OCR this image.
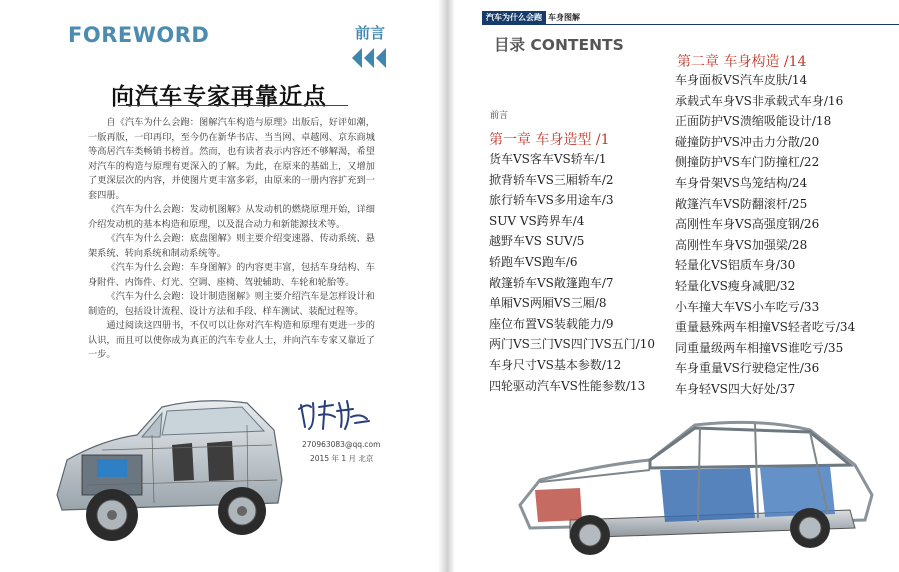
FOREWORD	前言
向汽车专家再靠近点

自《汽车为什么会跑：图解汽车构造与原理》出版后，好评如潮，一版再版，一印再印，至今仍在新华书店、当当网、卓越网、京东商城等高居汽车类畅销书榜首。然而，也有读者表示内容还不够解渴，希望对汽车的构造与原理有更深入的了解。为此，在原来的基础上，又增加了更深层次的内容，并使图片更丰富多彩，由原来的一册内容扩充到一套四册。

《汽车为什么会跑：发动机图解》从发动机的燃烧原理开始，详细介绍发动机的基本构造和原理，以及混合动力和新能源技术等。

《汽车为什么会跑：底盘图解》则主要介绍变速器、传动系统、悬架系统、转向系统和制动系统等。

《汽车为什么会跑：车身图解》的内容更丰富，包括车身结构、车身附件、内饰件、灯光、空调、座椅、驾驶辅助、车轮和轮胎等。

《汽车为什么会跑：设计制造图解》则主要介绍汽车是怎样设计和制造的，包括设计流程、设计方法和手段、样车测试、装配过程等。

通过阅读这四册书，不仅可以让你对汽车构造和原理有更进一步的认识，而且可以使你成为真正的汽车专业人士，并向汽车专家又靠近了一步。

270963083@qq.com
2015 年 1 月 北京
汽车为什么会跑 车身图解
目录 CONTENTS
前言
第一章 车身造型 /1
货车VS客车VS轿车/1
掀背轿车VS三厢轿车/2
旅行轿车VS多用途车/3
SUV VS跨界车/4
越野车VS SUV/5
轿跑车VS跑车/6
敞篷轿车VS敞篷跑车/7
单厢VS两厢VS三厢/8
座位布置VS装载能力/9
两门VS三门VS四门VS五门/10
车身尺寸VS基本参数/12
四轮驱动汽车VS性能参数/13
第二章 车身构造 /14
车身面板VS汽车皮肤/14
承载式车身VS非承载式车身/16
正面防护VS溃缩吸能设计/18
碰撞防护VS冲击力分散/20
侧撞防护VS车门防撞杠/22
车身骨架VS鸟笼结构/24
敞篷汽车VS防翻滚杆/25
高刚性车身VS高强度钢/26
高刚性车身VS加强梁/28
轻量化VS铝质车身/30
轻量化VS瘦身减肥/32
小车撞大车VS小车吃亏/33
重量悬殊两车相撞VS轻者吃亏/34
同重量级两车相撞VS谁吃亏/35
车身重量VS行驶稳定性/36
车身轻VS四大好处/37
